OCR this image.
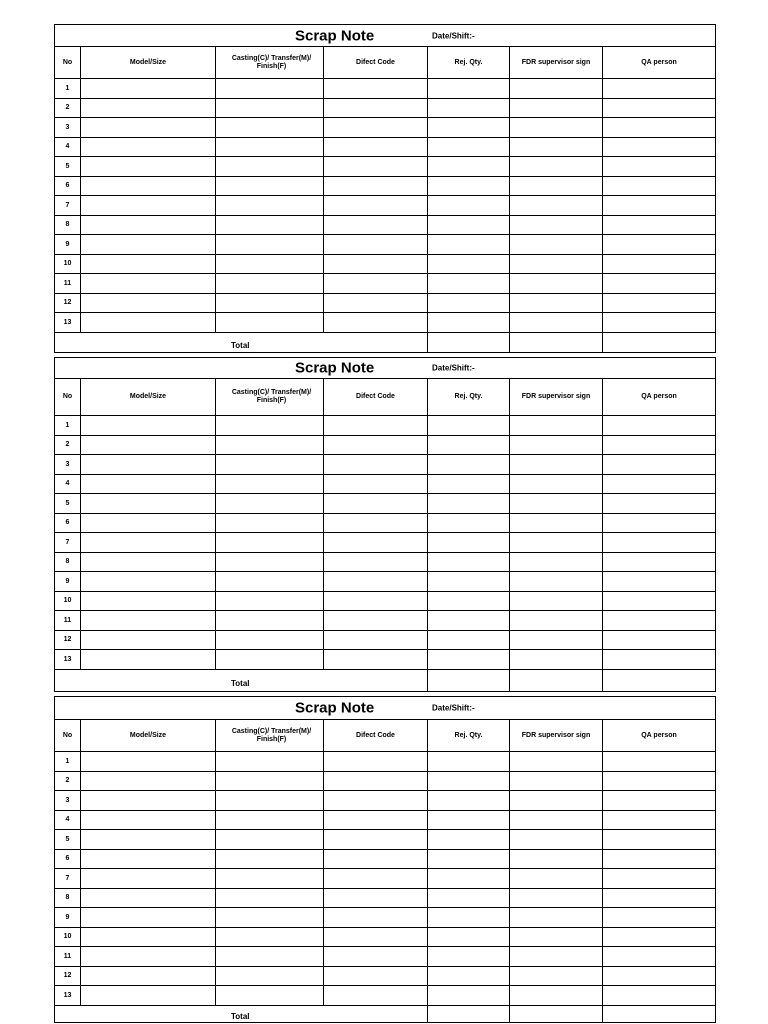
Scrap Note Date/Shift:-						

No	Model/Size	Casting(C)/ Transfer(M)/ Finish(F)	Difect Code	Rej. Qty.	FDR supervisor sign	QA person
1						
2						
3						
4						
5						
6						
7						
8						
9						
10						
11						
12						
13						
Total						
Scrap Note Date/Shift:-						

No	Model/Size	Casting(C)/ Transfer(M)/ Finish(F)	Difect Code	Rej. Qty.	FDR supervisor sign	QA person
1						
2						
3						
4						
5						
6						
7						
8						
9						
10						
11						
12						
13						
Total						
Scrap Note Date/Shift:-						

No	Model/Size	Casting(C)/ Transfer(M)/ Finish(F)	Difect Code	Rej. Qty.	FDR supervisor sign	QA person
1						
2						
3						
4						
5						
6						
7						
8						
9						
10						
11						
12						
13						
Total						
